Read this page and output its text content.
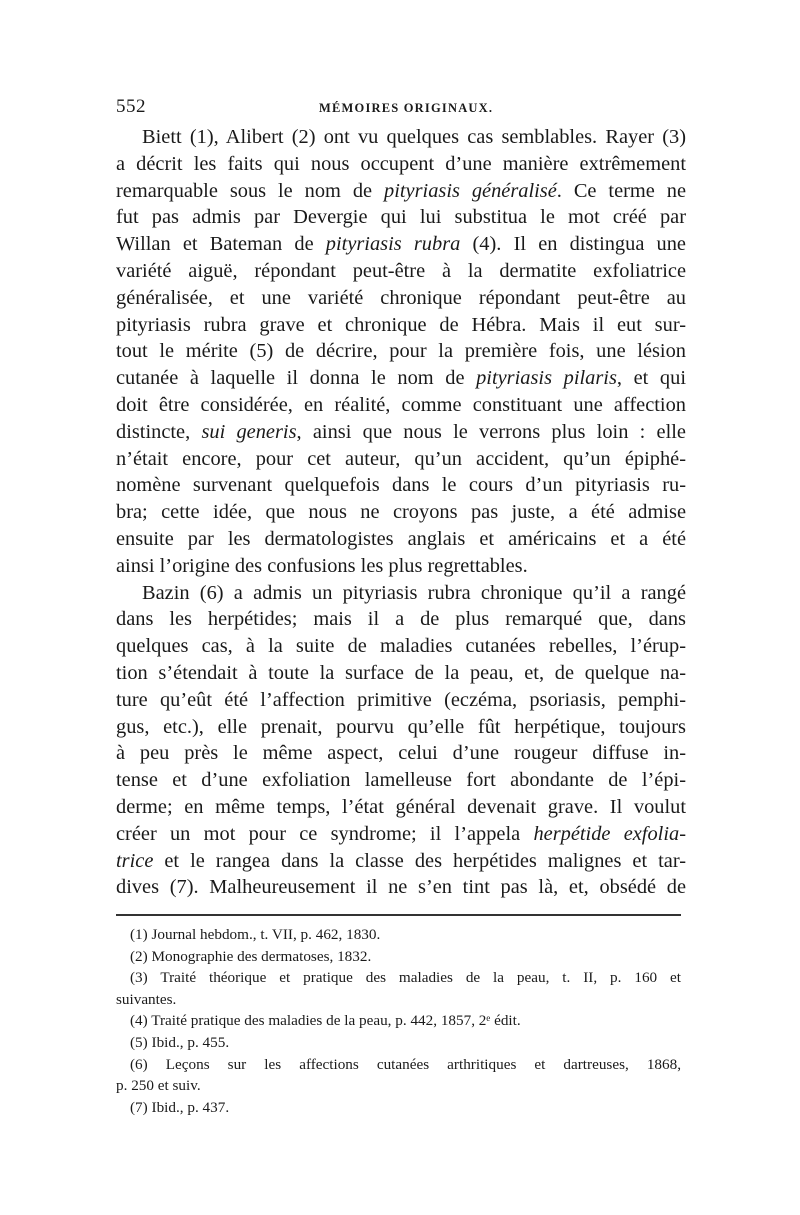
552	MÉMOIRES ORIGINAUX.
Biett (1), Alibert (2) ont vu quelques cas semblables. Rayer (3)
a décrit les faits qui nous occupent d’une manière extrêmement
remarquable sous le nom de pityriasis généralisé. Ce terme ne
fut pas admis par Devergie qui lui substitua le mot créé par
Willan et Bateman de pityriasis rubra (4). Il en distingua une
variété aiguë, répondant peut-être à la dermatite exfoliatrice
généralisée, et une variété chronique répondant peut-être au
pityriasis rubra grave et chronique de Hébra. Mais il eut sur-
tout le mérite (5) de décrire, pour la première fois, une lésion
cutanée à laquelle il donna le nom de pityriasis pilaris, et qui
doit être considérée, en réalité, comme constituant une affection
distincte, sui generis, ainsi que nous le verrons plus loin : elle
n’était encore, pour cet auteur, qu’un accident, qu’un épiphé-
nomène survenant quelquefois dans le cours d’un pityriasis ru-
bra; cette idée, que nous ne croyons pas juste, a été admise
ensuite par les dermatologistes anglais et américains et a été
ainsi l’origine des confusions les plus regrettables.
Bazin (6) a admis un pityriasis rubra chronique qu’il a rangé
dans les herpétides; mais il a de plus remarqué que, dans
quelques cas, à la suite de maladies cutanées rebelles, l’érup-
tion s’étendait à toute la surface de la peau, et, de quelque na-
ture qu’eût été l’affection primitive (eczéma, psoriasis, pemphi-
gus, etc.), elle prenait, pourvu qu’elle fût herpétique, toujours
à peu près le même aspect, celui d’une rougeur diffuse in-
tense et d’une exfoliation lamelleuse fort abondante de l’épi-
derme; en même temps, l’état général devenait grave. Il voulut
créer un mot pour ce syndrome; il l’appela herpétide exfolia-
trice et le rangea dans la classe des herpétides malignes et tar-
dives (7). Malheureusement il ne s’en tint pas là, et, obsédé de
(1) Journal hebdom., t. VII, p. 462, 1830.
(2) Monographie des dermatoses, 1832.
(3) Traité théorique et pratique des maladies de la peau, t. II, p. 160 et
suivantes.
(4) Traité pratique des maladies de la peau, p. 442, 1857, 2ᵉ édit.
(5) Ibid., p. 455.
(6) Leçons sur les affections cutanées arthritiques et dartreuses, 1868,
p. 250 et suiv.
(7) Ibid., p. 437.
